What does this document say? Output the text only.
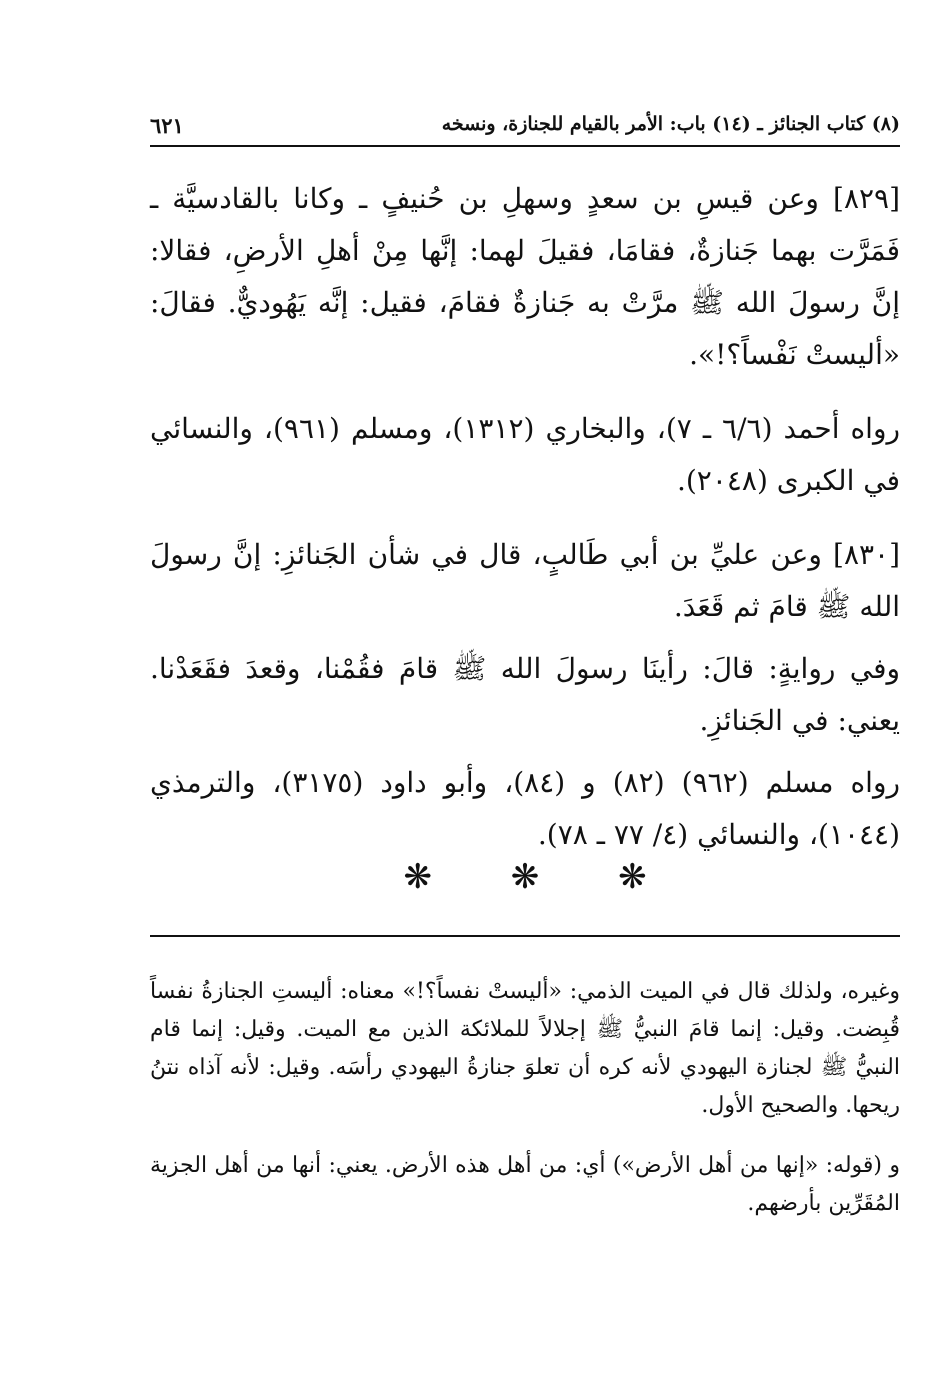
(٨) كتاب الجنائز ـ (١٤) باب: الأمر بالقيام للجنازة، ونسخه
٦٢١

[٨٢٩] وعن قيسِ بن سعدٍ وسهلِ بن حُنيفٍ ـ وكانا بالقادسيَّة ـ فَمَرَّت بهما جَنازةٌ، فقامَا، فقيلَ لهما: إنَّها مِنْ أهلِ الأرضِ، فقالا: إنَّ رسولَ الله ﷺ مرَّتْ به جَنازةٌ فقامَ، فقيل: إنَّه يَهُوديٌّ. فقالَ: «أليستْ نَفْساً؟!».

رواه أحمد (٦/٦ ـ ٧)، والبخاري (١٣١٢)، ومسلم (٩٦١)، والنسائي في الكبرى (٢٠٤٨).

[٨٣٠] وعن عليِّ بن أبي طَالبٍ، قال في شأن الجَنائزِ: إنَّ رسولَ الله ﷺ قامَ ثم قَعَدَ.

وفي روايةٍ: قالَ: رأينَا رسولَ الله ﷺ قامَ فقُمْنا، وقعدَ فقَعَدْنا. يعني: في الجَنائزِ.

رواه مسلم (٩٦٢) (٨٢) و (٨٤)، وأبو داود (٣١٧٥)، والترمذي (١٠٤٤)، والنسائي (٤/ ٧٧ ـ ٧٨).

❋ ❋ ❋

وغيره، ولذلك قال في الميت الذمي: «أليستْ نفساً؟!» معناه: أليستِ الجنازةُ نفساً قُبِضت. وقيل: إنما قامَ النبيُّ ﷺ إجلالاً للملائكة الذين مع الميت. وقيل: إنما قام النبيُّ ﷺ لجنازة اليهودي لأنه كره أن تعلوَ جنازةُ اليهودي رأسَه. وقيل: لأنه آذاه نتنُ ريحها. والصحيح الأول.

و (قوله: «إنها من أهل الأرض») أي: من أهل هذه الأرض. يعني: أنها من أهل الجزية المُقَرِّين بأرضهم.
